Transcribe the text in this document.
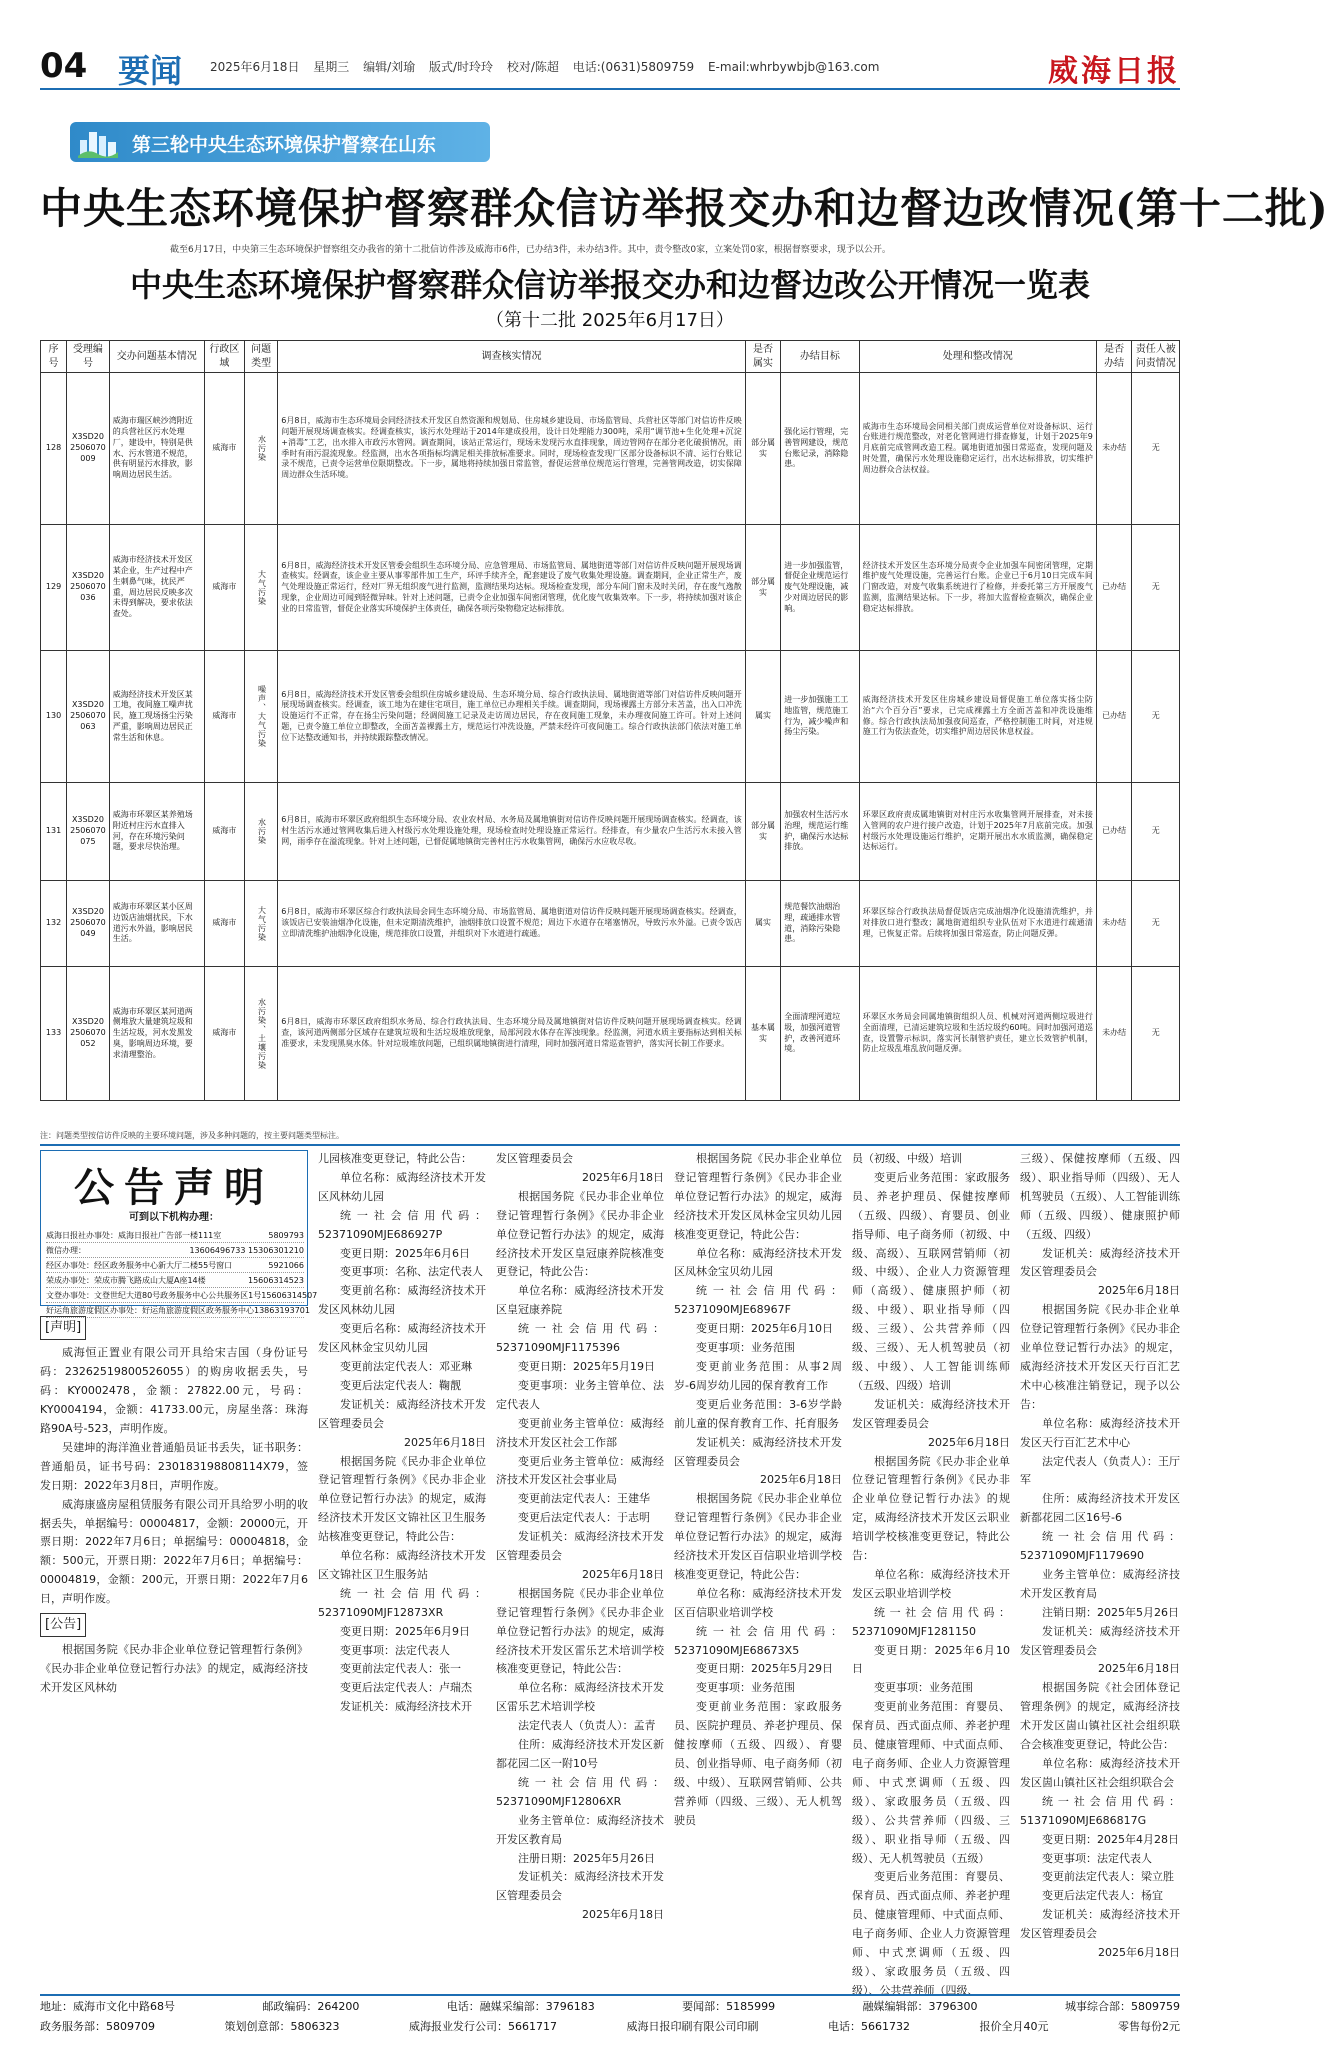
04 要闻 2025年6月18日 星期三 编辑/刘瑜 版式/时玲玲 校对/陈超 电话:(0631)5809759 E-mail:whrbywbjb@163.com	威海日报
第三轮中央生态环境保护督察在山东
中央生态环境保护督察群众信访举报交办和边督边改情况(第十二批)
截至6月17日，中央第三生态环境保护督察组交办我省的第十二批信访件涉及威海市6件，已办结3件，未办结3件。其中，责令整改0家，立案处罚0家，根据督察要求，现予以公开。
中央生态环境保护督察群众信访举报交办和边督边改公开情况一览表
（第十二批 2025年6月17日）
序号	受理编号	交办问题基本情况	行政区域	问题类型	调查核实情况	是否属实	办结目标	处理和整改情况	是否办结	责任人被问责情况
128	X3SD202506070009	威海市瑞区峡沙湾附近的兵营社区污水处理厂，建设中，特别是供水、污水管道不规范，供有明显污水排放，影响周边居民生活。	威海市	水污染	6月8日，威海市生态环境局会同经济技术开发区自然资源和规划局、住房城乡建设局、市场监管局、兵营社区等部门对信访件反映问题开展现场调查核实。经调查核实，该污水处理站于2014年建成投用，设计日处理能力300吨，采用“调节池+生化处理+沉淀+消毒”工艺，出水排入市政污水管网。调查期间，该站正常运行，现场未发现污水直排现象，周边管网存在部分老化破损情况，雨季时有雨污混流现象。经监测，出水各项指标均满足相关排放标准要求。同时，现场检查发现厂区部分设备标识不清、运行台账记录不规范，已责令运营单位限期整改。下一步，属地将持续加强日常监管，督促运营单位规范运行管理，完善管网改造，切实保障周边群众生活环境。	部分属实	强化运行管理，完善管网建设，规范台账记录，消除隐患。	威海市生态环境局会同相关部门责成运营单位对设备标识、运行台账进行规范整改，对老化管网进行排查修复，计划于2025年9月底前完成管网改造工程。属地街道加强日常巡查，发现问题及时处置，确保污水处理设施稳定运行，出水达标排放，切实维护周边群众合法权益。	未办结	无
129	X3SD202506070036	威海市经济技术开发区某企业，生产过程中产生刺鼻气味，扰民严重，周边居民反映多次未得到解决，要求依法查处。	威海市	大气污染	6月8日，威海经济技术开发区管委会组织生态环境分局、应急管理局、市场监管局、属地街道等部门对信访件反映问题开展现场调查核实。经调查，该企业主要从事零部件加工生产，环评手续齐全，配套建设了废气收集处理设施。调查期间，企业正常生产，废气处理设施正常运行，经对厂界无组织废气进行监测，监测结果均达标。现场检查发现，部分车间门窗未及时关闭，存在废气逸散现象，企业周边可闻到轻微异味。针对上述问题，已责令企业加强车间密闭管理，优化废气收集效率。下一步，将持续加强对该企业的日常监管，督促企业落实环境保护主体责任，确保各项污染物稳定达标排放。	部分属实	进一步加强监管，督促企业规范运行废气处理设施，减少对周边居民的影响。	经济技术开发区生态环境分局责令企业加强车间密闭管理，定期维护废气处理设施，完善运行台账。企业已于6月10日完成车间门窗改造，对废气收集系统进行了检修，并委托第三方开展废气监测，监测结果达标。下一步，将加大监督检查频次，确保企业稳定达标排放。	已办结	无
130	X3SD202506070063	威海经济技术开发区某工地，夜间施工噪声扰民，施工现场扬尘污染严重，影响周边居民正常生活和休息。	威海市	噪声、大气污染	6月8日，威海经济技术开发区管委会组织住房城乡建设局、生态环境分局、综合行政执法局、属地街道等部门对信访件反映问题开展现场调查核实。经调查，该工地为在建住宅项目，施工单位已办理相关手续。调查期间，现场裸露土方部分未苫盖，出入口冲洗设施运行不正常，存在扬尘污染问题；经调阅施工记录及走访周边居民，存在夜间施工现象，未办理夜间施工许可。针对上述问题，已责令施工单位立即整改，全面苫盖裸露土方，规范运行冲洗设施，严禁未经许可夜间施工。综合行政执法部门依法对施工单位下达整改通知书，并持续跟踪整改情况。	属实	进一步加强施工工地监管，规范施工行为，减少噪声和扬尘污染。	威海经济技术开发区住房城乡建设局督促施工单位落实扬尘防治“六个百分百”要求，已完成裸露土方全面苫盖和冲洗设施维修。综合行政执法局加强夜间巡查，严格控制施工时间，对违规施工行为依法查处，切实维护周边居民休息权益。	已办结	无
131	X3SD202506070075	威海市环翠区某养殖场附近村庄污水直排入河，存在环境污染问题，要求尽快治理。	威海市	水污染	6月8日，威海市环翠区政府组织生态环境分局、农业农村局、水务局及属地镇街对信访件反映问题开展现场调查核实。经调查，该村生活污水通过管网收集后进入村级污水处理设施处理，现场检查时处理设施正常运行。经排查，有少量农户生活污水未接入管网，雨季存在溢流现象。针对上述问题，已督促属地镇街完善村庄污水收集管网，确保污水应收尽收。	部分属实	加强农村生活污水治理，规范运行维护，确保污水达标排放。	环翠区政府责成属地镇街对村庄污水收集管网开展排查，对未接入管网的农户进行接户改造，计划于2025年7月底前完成。加强村级污水处理设施运行维护，定期开展出水水质监测，确保稳定达标运行。	已办结	无
132	X3SD202506070049	威海市环翠区某小区周边饭店油烟扰民，下水道污水外溢，影响居民生活。	威海市	大气污染	6月8日，威海市环翠区综合行政执法局会同生态环境分局、市场监管局、属地街道对信访件反映问题开展现场调查核实。经调查，该饭店已安装油烟净化设施，但未定期清洗维护，油烟排放口设置不规范；周边下水道存在堵塞情况，导致污水外溢。已责令饭店立即清洗维护油烟净化设施，规范排放口设置，并组织对下水道进行疏通。	属实	规范餐饮油烟治理，疏通排水管道，消除污染隐患。	环翠区综合行政执法局督促饭店完成油烟净化设施清洗维护，并对排放口进行整改；属地街道组织专业队伍对下水道进行疏通清理，已恢复正常。后续将加强日常巡查，防止问题反弹。	未办结	无
133	X3SD202506070052	威海市环翠区某河道两侧堆放大量建筑垃圾和生活垃圾，河水发黑发臭，影响周边环境，要求清理整治。	威海市	水污染、土壤污染	6月8日，威海市环翠区政府组织水务局、综合行政执法局、生态环境分局及属地镇街对信访件反映问题开展现场调查核实。经调查，该河道两侧部分区域存在建筑垃圾和生活垃圾堆放现象，局部河段水体存在浑浊现象。经监测，河道水质主要指标达到相关标准要求，未发现黑臭水体。针对垃圾堆放问题，已组织属地镇街进行清理，同时加强河道日常巡查管护，落实河长制工作要求。	基本属实	全面清理河道垃圾，加强河道管护，改善河道环境。	环翠区水务局会同属地镇街组织人员、机械对河道两侧垃圾进行全面清理，已清运建筑垃圾和生活垃圾约60吨。同时加强河道巡查，设置警示标识，落实河长制管护责任，建立长效管护机制，防止垃圾乱堆乱放问题反弹。	未办结	无
注：问题类型按信访件反映的主要环境问题，涉及多种问题的，按主要问题类型标注。
公告声明
可到以下机构办理：
威海日报社办事处：威海日报社广告部一楼111室	5809793
微信办理：	13606496733 15306301210
经区办事处：经区政务服务中心新大厅二楼55号窗口	5921066
荣成办事处：荣成市腾飞路成山大厦A座14楼	15606314523
文登办事处：文登世纪大道80号政务服务中心公共服务区1号 15606314507
好运角旅游度假区办事处：好运角旅游度假区政务服务中心 13863193701
[声明]

威海恒正置业有限公司开具给宋吉国（身份证号码：23262519800526055）的购房收据丢失，号码：KY0002478，金额：27822.00元，号码：KY0004194，金额：41733.00元，房屋坐落：珠海路90A号-523，声明作废。

吴建坤的海洋渔业普通船员证书丢失，证书职务：普通船员，证书号码：230183198808114X79，签发日期：2022年3月8日，声明作废。

威海康盛房屋租赁服务有限公司开具给罗小明的收据丢失，单据编号：00004817，金额：20000元，开票日期：2022年7月6日；单据编号：00004818，金额：500元，开票日期：2022年7月6日；单据编号：00004819，金额：200元，开票日期：2022年7月6日，声明作废。

[公告]

根据国务院《民办非企业单位登记管理暂行条例》《民办非企业单位登记暂行办法》的规定，威海经济技术开发区风林幼

儿园核准变更登记，特此公告：

单位名称：威海经济技术开发区风林幼儿园

统一社会信用代码：52371090MJE686927P

变更日期：2025年6月6日

变更事项：名称、法定代表人

变更前名称：威海经济技术开发区风林幼儿园

变更后名称：威海经济技术开发区风林金宝贝幼儿园

变更前法定代表人：邓亚琳

变更后法定代表人：鞠靓

发证机关：威海经济技术开发区管理委员会

2025年6月18日

根据国务院《民办非企业单位登记管理暂行条例》《民办非企业单位登记暂行办法》的规定，威海经济技术开发区文锦社区卫生服务站核准变更登记，特此公告：

单位名称：威海经济技术开发区文锦社区卫生服务站

统一社会信用代码：52371090MJF12873XR

变更日期：2025年6月9日

变更事项：法定代表人

变更前法定代表人：张一

变更后法定代表人：卢瑞杰

发证机关：威海经济技术开

发区管理委员会

2025年6月18日

根据国务院《民办非企业单位登记管理暂行条例》《民办非企业单位登记暂行办法》的规定，威海经济技术开发区皇冠康养院核准变更登记，特此公告：

单位名称：威海经济技术开发区皇冠康养院

统一社会信用代码：52371090MJF1175396

变更日期：2025年5月19日

变更事项：业务主管单位、法定代表人

变更前业务主管单位：威海经济技术开发区社会工作部

变更后业务主管单位：威海经济技术开发区社会事业局

变更前法定代表人：王建华

变更后法定代表人：于志明

发证机关：威海经济技术开发区管理委员会

2025年6月18日

根据国务院《民办非企业单位登记管理暂行条例》《民办非企业单位登记暂行办法》的规定，威海经济技术开发区雷乐艺术培训学校核准变更登记，特此公告：

单位名称：威海经济技术开发区雷乐艺术培训学校

法定代表人（负责人）：孟青

住所：威海经济技术开发区新都花园二区一附10号

统一社会信用代码：52371090MJF12806XR

业务主管单位：威海经济技术开发区教育局

注册日期：2025年5月26日

发证机关：威海经济技术开发区管理委员会

2025年6月18日

根据国务院《民办非企业单位登记管理暂行条例》《民办非企业单位登记暂行办法》的规定，威海经济技术开发区凤林金宝贝幼儿园核准变更登记，特此公告：

单位名称：威海经济技术开发区凤林金宝贝幼儿园

统一社会信用代码：52371090MJE68967F

变更日期：2025年6月10日

变更事项：业务范围

变更前业务范围：从事2周岁-6周岁幼儿园的保育教育工作

变更后业务范围：3-6岁学龄前儿童的保育教育工作、托育服务

发证机关：威海经济技术开发区管理委员会

2025年6月18日

根据国务院《民办非企业单位登记管理暂行条例》《民办非企业单位登记暂行办法》的规定，威海经济技术开发区百信职业培训学校核准变更登记，特此公告：

单位名称：威海经济技术开发区百信职业培训学校

统一社会信用代码：52371090MJE68673X5

变更日期：2025年5月29日

变更事项：业务范围

变更前业务范围：家政服务员、医院护理员、养老护理员、保健按摩师（五级、四级）、育婴员、创业指导师、电子商务师（初级、中级）、互联网营销师、公共营养师（四级、三级）、无人机驾驶员

员（初级、中级）培训

变更后业务范围：家政服务员、养老护理员、保健按摩师（五级、四级）、育婴员、创业指导师、电子商务师（初级、中级、高级）、互联网营销师（初级、中级）、企业人力资源管理师（高级）、健康照护师（初级、中级）、职业指导师（四级、三级）、公共营养师（四级、三级）、无人机驾驶员（初级、中级）、人工智能训练师（五级、四级）培训

发证机关：威海经济技术开发区管理委员会

2025年6月18日

根据国务院《民办非企业单位登记管理暂行条例》《民办非企业单位登记暂行办法》的规定，威海经济技术开发区云职业培训学校核准变更登记，特此公告：

单位名称：威海经济技术开发区云职业培训学校

统一社会信用代码：52371090MJF1281150

变更日期：2025年6月10日

变更事项：业务范围

变更前业务范围：育婴员、保育员、西式面点师、养老护理员、健康管理师、中式面点师、电子商务师、企业人力资源管理师、中式烹调师（五级、四级）、家政服务员（五级、四级）、公共营养师（四级、三级）、职业指导师（五级、四级）、无人机驾驶员（五级）

变更后业务范围：育婴员、保育员、西式面点师、养老护理员、健康管理师、中式面点师、电子商务师、企业人力资源管理师、中式烹调师（五级、四级）、家政服务员（五级、四级）、公共营养师（四级、

三级）、保健按摩师（五级、四级）、职业指导师（四级）、无人机驾驶员（五级）、人工智能训练师（五级、四级）、健康照护师（五级、四级）

发证机关：威海经济技术开发区管理委员会

2025年6月18日

根据国务院《民办非企业单位登记管理暂行条例》《民办非企业单位登记暂行办法》的规定，威海经济技术开发区天行百汇艺术中心核准注销登记，现予以公告：

单位名称：威海经济技术开发区天行百汇艺术中心

法定代表人（负责人）：王厅军

住所：威海经济技术开发区新都花园二区16号-6

统一社会信用代码：52371090MJF1179690

业务主管单位：威海经济技术开发区教育局

注销日期：2025年5月26日

发证机关：威海经济技术开发区管理委员会

2025年6月18日

根据国务院《社会团体登记管理条例》的规定，威海经济技术开发区崮山镇社区社会组织联合会核准变更登记，特此公告：

单位名称：威海经济技术开发区崮山镇社区社会组织联合会

统一社会信用代码：51371090MJE686817G

变更日期：2025年4月28日

变更事项：法定代表人

变更前法定代表人：梁立胜

变更后法定代表人：杨宜

发证机关：威海经济技术开发区管理委员会

2025年6月18日

地址：威海市文化中路68号	邮政编码：264200	电话：融媒采编部：3796183	要闻部：5185999	融媒编辑部：3796300	城事综合部：5809759
政务服务部：5809709	策划创意部：5806323	威海报业发行公司：5661717	威海日报印刷有限公司印刷	电话：5661732	报价全月40元	零售每份2元
